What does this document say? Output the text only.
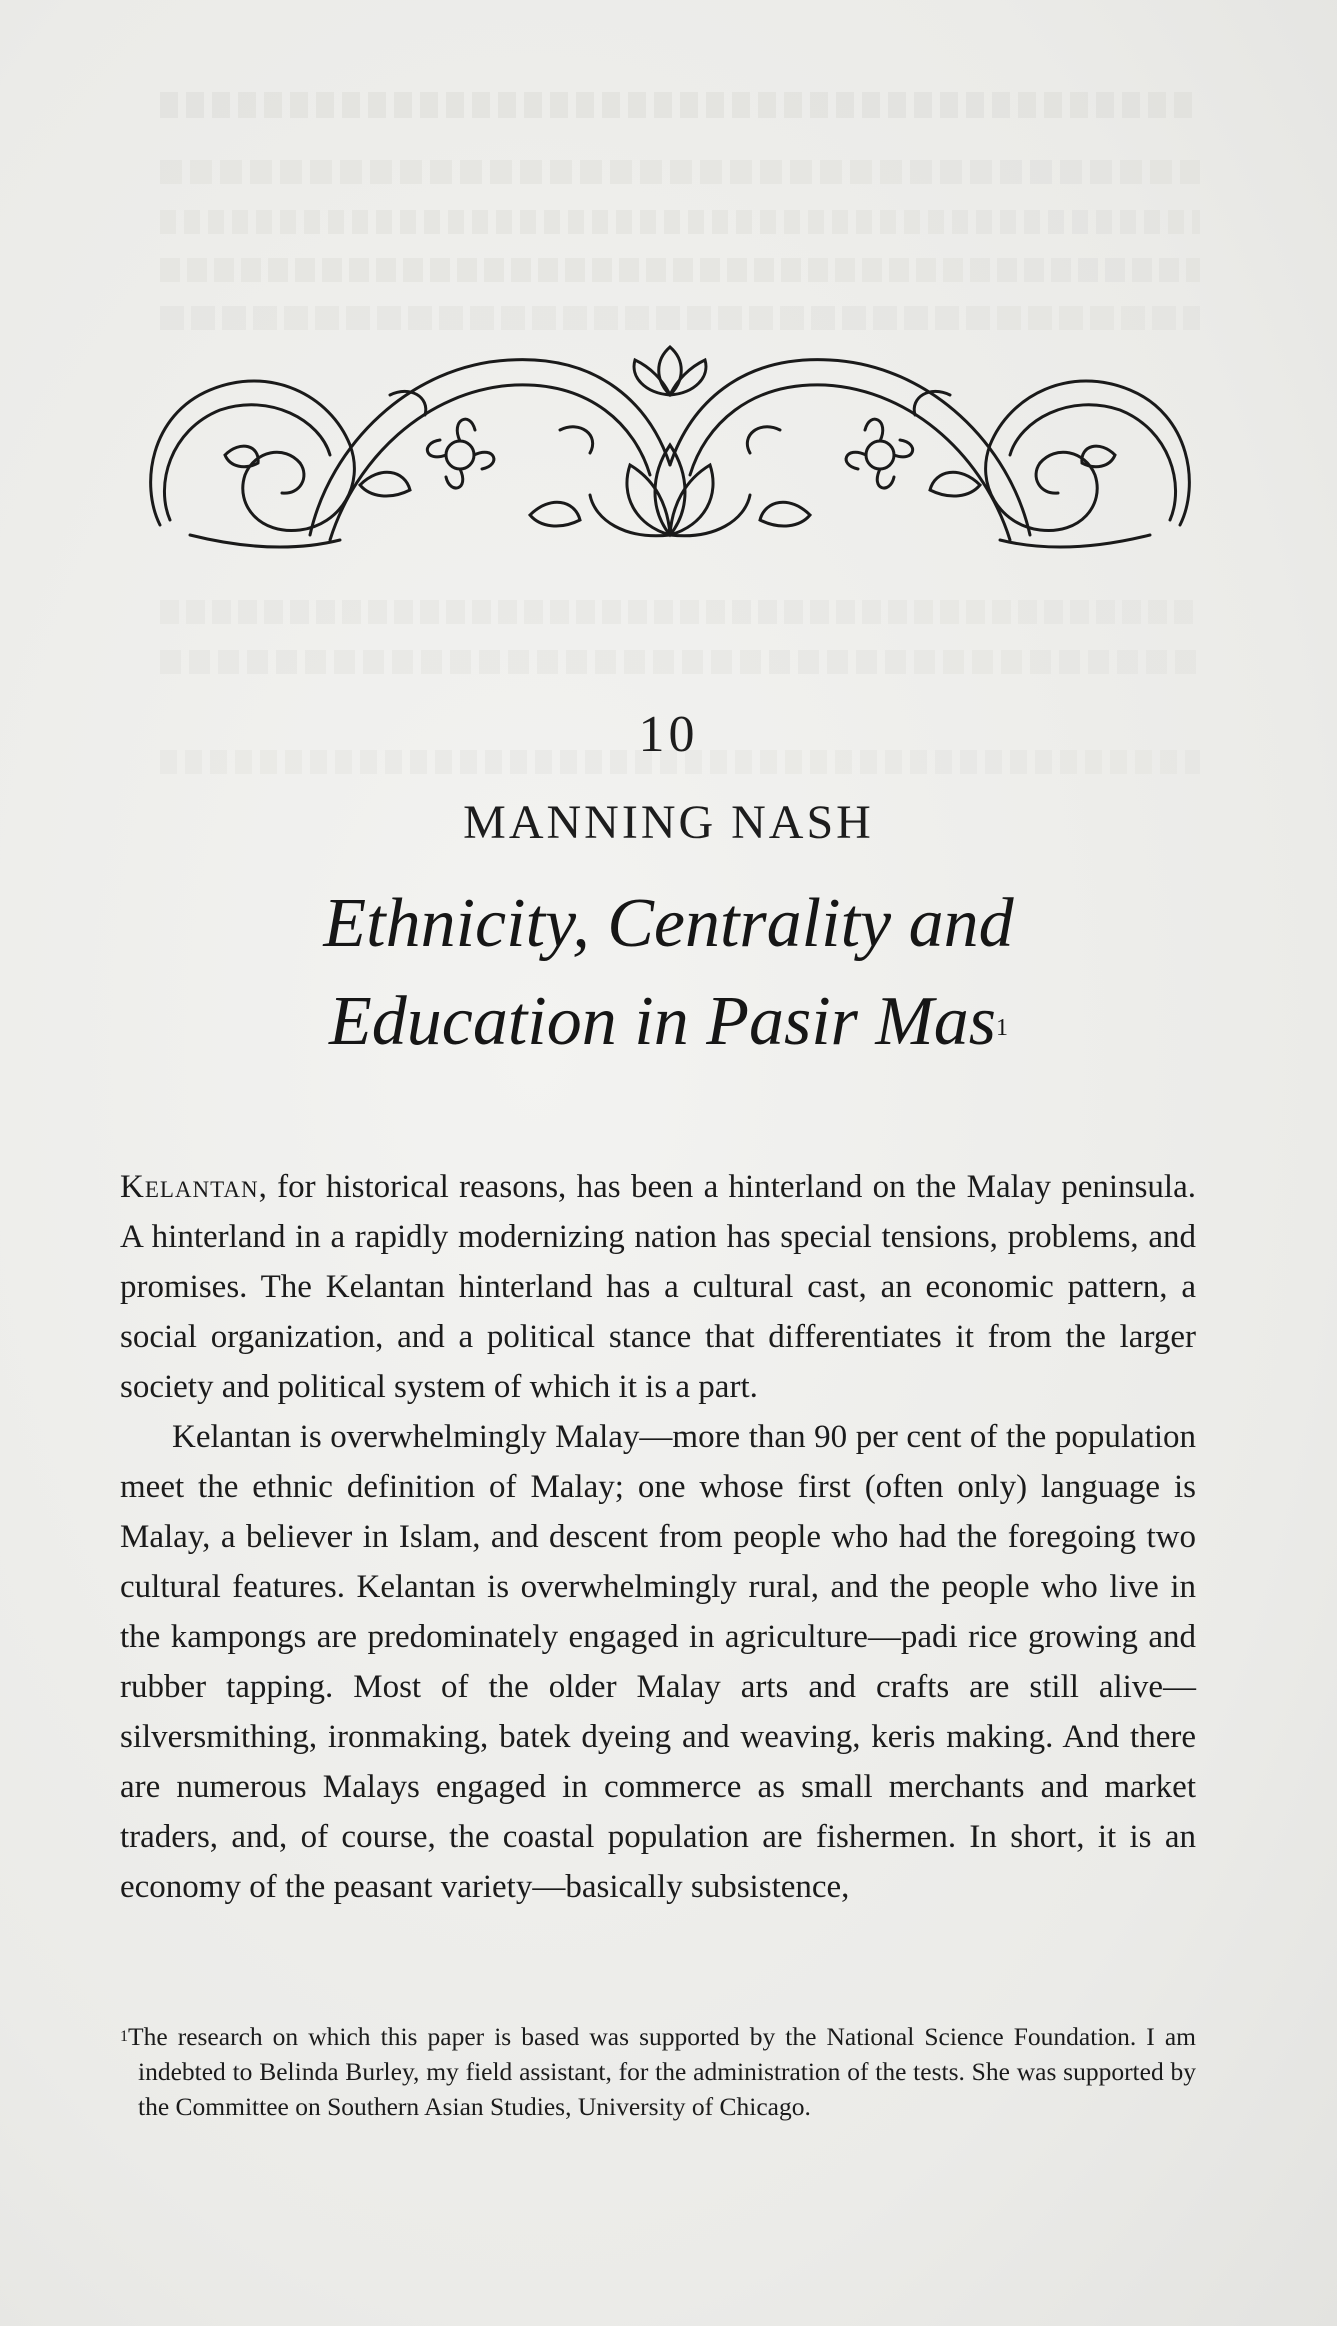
10
MANNING NASH
Ethnicity, Centrality and
Education in Pasir Mas$^1$

Kelantan, for historical reasons, has been a hinterland on the Malay peninsula. A hinterland in a rapidly modernizing nation has special tensions, problems, and promises. The Kelantan hinterland has a cultural cast, an economic pattern, a social organization, and a political stance that differentiates it from the larger society and political system of which it is a part.

Kelantan is overwhelmingly Malay—more than 90 per cent of the population meet the ethnic definition of Malay; one whose first (often only) language is Malay, a believer in Islam, and descent from people who had the foregoing two cultural features. Kelantan is overwhelmingly rural, and the people who live in the kampongs are predominately engaged in agriculture—padi rice growing and rubber tapping. Most of the older Malay arts and crafts are still alive—silversmithing, ironmaking, batek dyeing and weaving, keris making. And there are numerous Malays engaged in commerce as small merchants and market traders, and, of course, the coastal population are fishermen. In short, it is an economy of the peasant variety—basically subsistence,

$^1$The research on which this paper is based was supported by the National Science Foundation. I am indebted to Belinda Burley, my field assistant, for the administration of the tests. She was supported by the Committee on Southern Asian Studies, University of Chicago.
